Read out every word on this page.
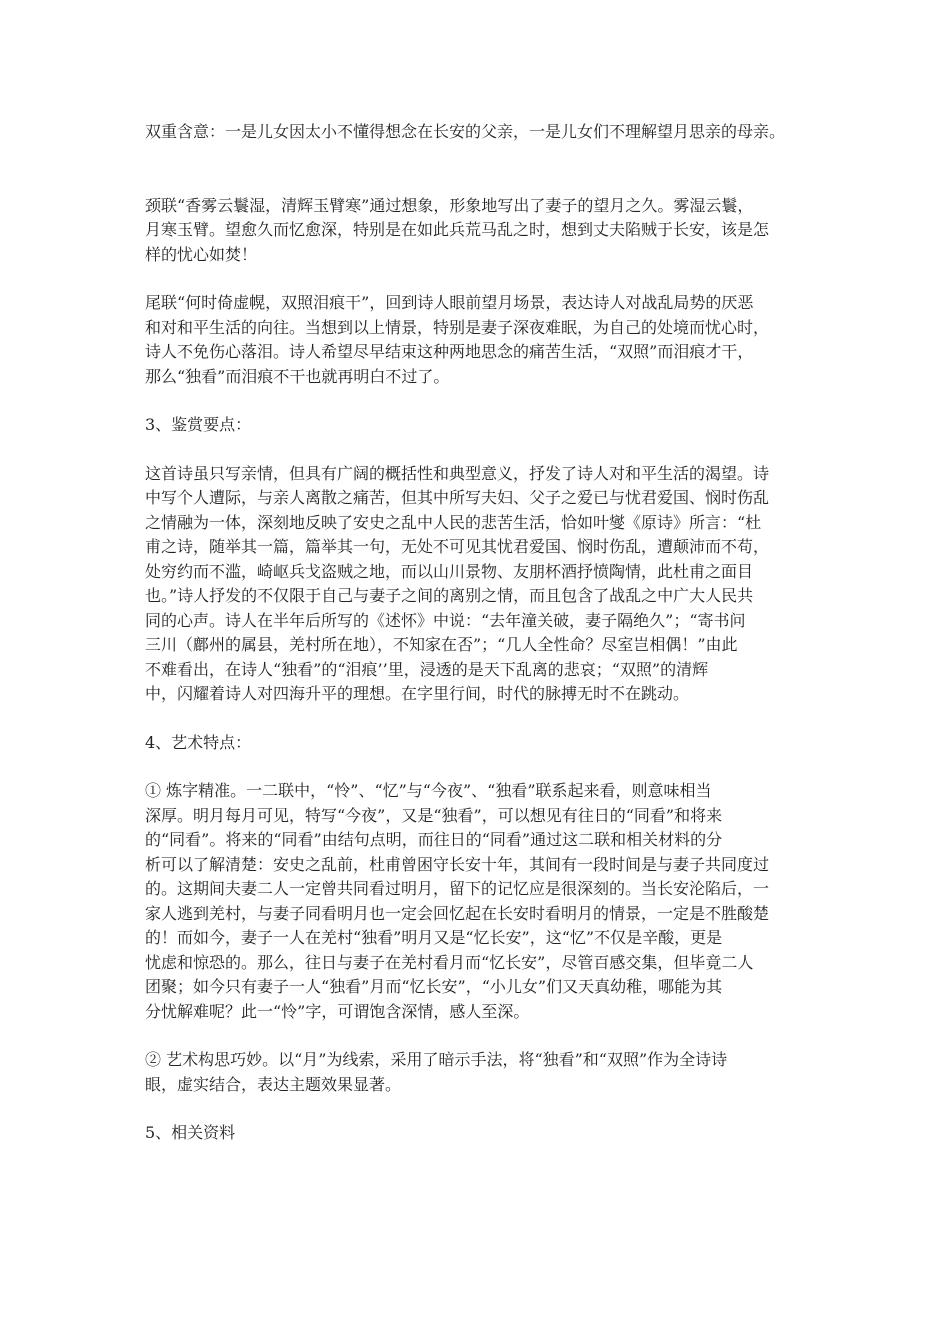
双重含意：一是儿女因太小不懂得想念在长安的父亲，一是儿女们不理解望月思亲的母亲。

颈联“香雾云鬟湿，清辉玉臂寒”通过想象，形象地写出了妻子的望月之久。雾湿云鬟，
月寒玉臂。望愈久而忆愈深，特别是在如此兵荒马乱之时，想到丈夫陷贼于长安，该是怎
样的忧心如焚！

尾联“何时倚虚幌，双照泪痕干”，回到诗人眼前望月场景，表达诗人对战乱局势的厌恶
和对和平生活的向往。当想到以上情景，特别是妻子深夜难眠，为自己的处境而忧心时，
诗人不免伤心落泪。诗人希望尽早结束这种两地思念的痛苦生活，“双照”而泪痕才干，
那么“独看”而泪痕不干也就再明白不过了。

3、鉴赏要点：

这首诗虽只写亲情，但具有广阔的概括性和典型意义，抒发了诗人对和平生活的渴望。诗
中写个人遭际，与亲人离散之痛苦，但其中所写夫妇、父子之爱已与忧君爱国、悯时伤乱
之情融为一体，深刻地反映了安史之乱中人民的悲苦生活，恰如叶燮《原诗》所言：“杜
甫之诗，随举其一篇，篇举其一句，无处不可见其忧君爱国、悯时伤乱，遭颠沛而不苟，
处穷约而不滥，崎岖兵戈盗贼之地，而以山川景物、友朋杯酒抒愤陶情，此杜甫之面目
也。”诗人抒发的不仅限于自己与妻子之间的离别之情，而且包含了战乱之中广大人民共
同的心声。诗人在半年后所写的《述怀》中说：“去年潼关破，妻子隔绝久”；“寄书问
三川（鄜州的属县，羌村所在地），不知家在否”；“几人全性命？尽室岂相偶！”由此
不难看出，在诗人“独看”的“泪痕’’里，浸透的是天下乱离的悲哀；“双照”的清辉
中，闪耀着诗人对四海升平的理想。在字里行间，时代的脉搏无时不在跳动。

4、艺术特点：

① 炼字精准。一二联中，“怜”、“忆”与“今夜”、“独看”联系起来看，则意味相当
深厚。明月每月可见，特写“今夜”，又是“独看”，可以想见有往日的“同看”和将来
的“同看”。将来的“同看”由结句点明，而往日的“同看”通过这二联和相关材料的分
析可以了解清楚：安史之乱前，杜甫曾困守长安十年，其间有一段时间是与妻子共同度过
的。这期间夫妻二人一定曾共同看过明月，留下的记忆应是很深刻的。当长安沦陷后，一
家人逃到羌村，与妻子同看明月也一定会回忆起在长安时看明月的情景，一定是不胜酸楚
的！而如今，妻子一人在羌村“独看”明月又是“忆长安”，这“忆”不仅是辛酸，更是
忧虑和惊恐的。那么，往日与妻子在羌村看月而“忆长安”，尽管百感交集，但毕竟二人
团聚；如今只有妻子一人“独看”月而“忆长安”，“小儿女”们又天真幼稚，哪能为其
分忧解难呢？此一“怜”字，可谓饱含深情，感人至深。

② 艺术构思巧妙。以“月”为线索，采用了暗示手法，将“独看”和“双照”作为全诗诗
眼，虚实结合，表达主题效果显著。

5、相关资料
